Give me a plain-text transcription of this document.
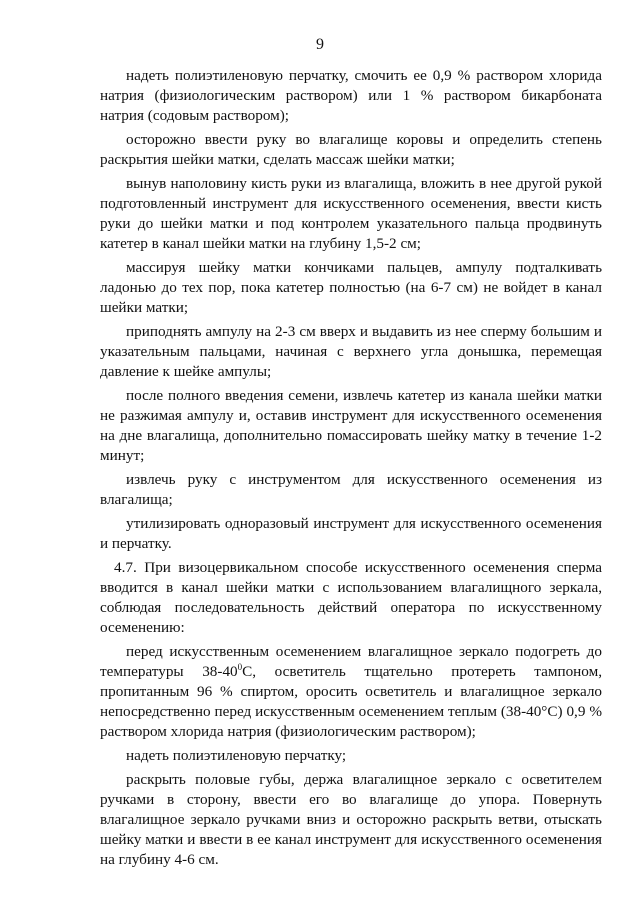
9

надеть полиэтиленовую перчатку, смочить ее 0,9 % раствором хлорида натрия (физиологическим раствором) или 1 % раствором бикарбоната натрия (содовым раствором);

осторожно ввести руку во влагалище коровы и определить степень раскрытия шейки матки, сделать массаж шейки матки;

вынув наполовину кисть руки из влагалища, вложить в нее другой рукой подготовленный инструмент для искусственного осеменения, ввести кисть руки до шейки матки и под контролем указательного пальца продвинуть катетер в канал шейки матки на глубину 1,5-2 см;

массируя шейку матки кончиками пальцев, ампулу подталкивать ладонью до тех пор, пока катетер полностью (на 6-7 см) не войдет в канал шейки матки;

приподнять ампулу на 2-3 см вверх и выдавить из нее сперму большим и указательным пальцами, начиная с верхнего угла донышка, перемещая давление к шейке ампулы;

после полного введения семени, извлечь катетер из канала шейки матки не разжимая ампулу и, оставив инструмент для искусственного осеменения на дне влагалища, дополнительно помассировать шейку матку в течение 1-2 минут;

извлечь руку с инструментом для искусственного осеменения из влагалища;

утилизировать одноразовый инструмент для искусственного осеменения и перчатку.

4.7. При визоцервикальном способе искусственного осеменения сперма вводится в канал шейки матки с использованием влагалищного зеркала, соблюдая последовательность действий оператора по искусственному осеменению:

перед искусственным осеменением влагалищное зеркало подогреть до температуры $38-40^0С$, осветитель тщательно протереть тампоном, пропитанным 96 % спиртом, оросить осветитель и влагалищное зеркало непосредственно перед искусственным осеменением теплым (38-40°С) 0,9 % раствором хлорида натрия (физиологическим раствором);

надеть полиэтиленовую перчатку;

раскрыть половые губы, держа влагалищное зеркало с осветителем ручками в сторону, ввести его во влагалище до упора. Повернуть влагалищное зеркало ручками вниз и осторожно раскрыть ветви, отыскать шейку матки и ввести в ее канал инструмент для искусственного осеменения на глубину 4-6 см.
